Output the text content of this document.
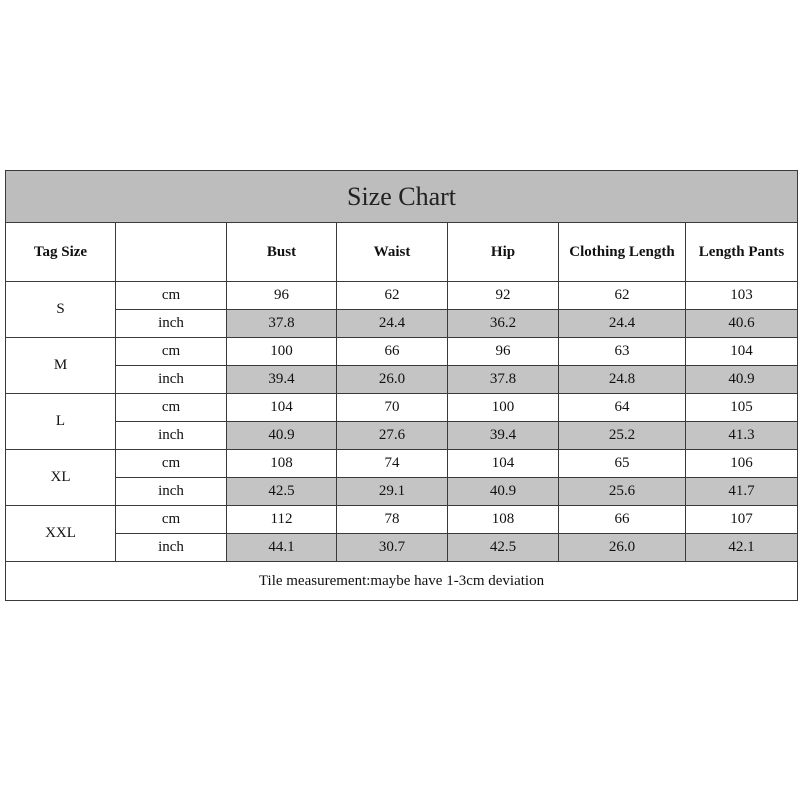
Size Chart						
Tag Size		Bust	Waist	Hip	Clothing Length	Length Pants
S	cm	96	62	92	62	103
	inch	37.8	24.4	36.2	24.4	40.6
M	cm	100	66	96	63	104
	inch	39.4	26.0	37.8	24.8	40.9
L	cm	104	70	100	64	105
	inch	40.9	27.6	39.4	25.2	41.3
XL	cm	108	74	104	65	106
	inch	42.5	29.1	40.9	25.6	41.7
XXL	cm	112	78	108	66	107
	inch	44.1	30.7	42.5	26.0	42.1
Tile measurement:maybe have 1-3cm deviation						
